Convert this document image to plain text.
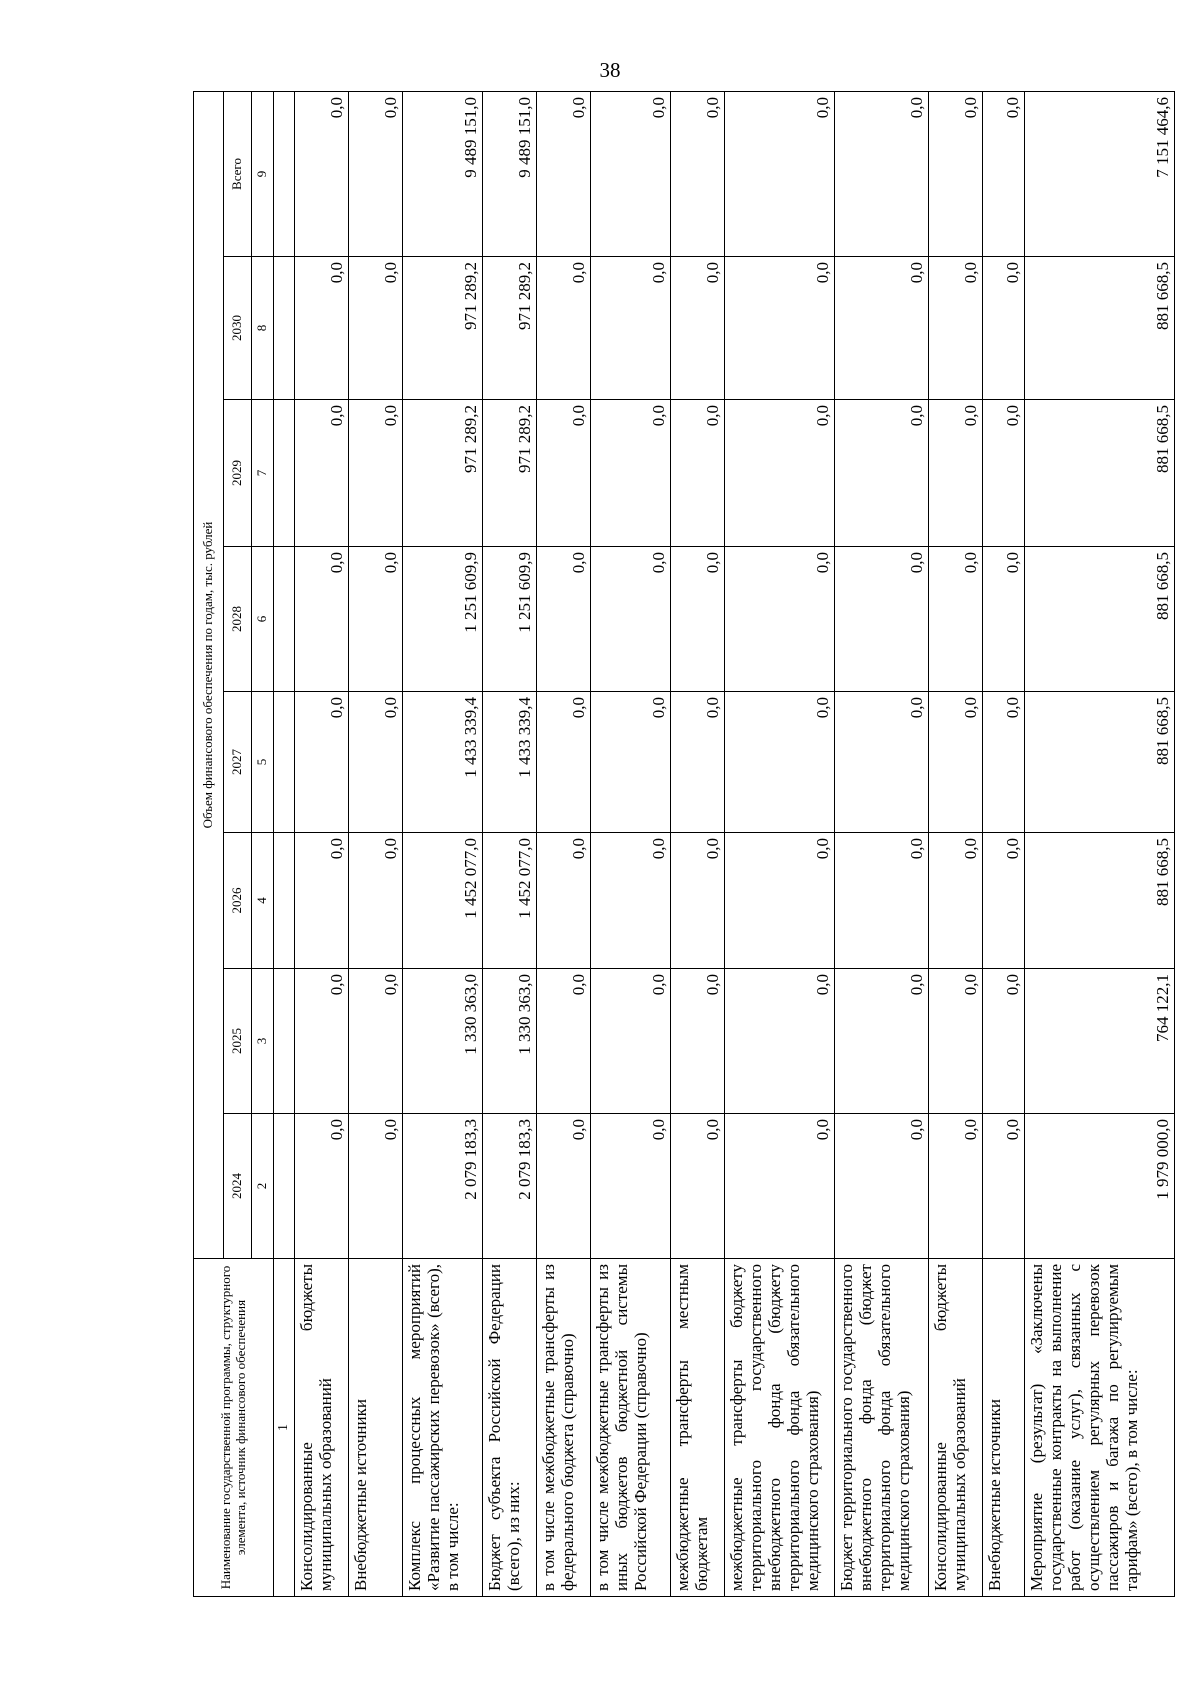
38
Наименование государственной программы, структурного элемента, источник финансового обеспечения	Объем финансового обеспечения по годам, тыс. рублей							
	2024	2025	2026	2027	2028	2029	2030	Всего
	2	3	4	5	6	7	8	9
1								
Консолидированные бюджеты муниципальных образований	0,0	0,0	0,0	0,0	0,0	0,0	0,0	0,0
Внебюджетные источники	0,0	0,0	0,0	0,0	0,0	0,0	0,0	0,0
Комплекс процессных мероприятий «Развитие пассажирских перевозок» (всего), в том числе:	2 079 183,3	1 330 363,0	1 452 077,0	1 433 339,4	1 251 609,9	971 289,2	971 289,2	9 489 151,0
Бюджет субъекта Российской Федерации (всего), из них:	2 079 183,3	1 330 363,0	1 452 077,0	1 433 339,4	1 251 609,9	971 289,2	971 289,2	9 489 151,0
в том числе межбюджетные трансферты из федерального бюджета (справочно)	0,0	0,0	0,0	0,0	0,0	0,0	0,0	0,0
в том числе межбюджетные трансферты из иных бюджетов бюджетной системы Российской Федерации (справочно)	0,0	0,0	0,0	0,0	0,0	0,0	0,0	0,0
межбюджетные трансферты местным бюджетам	0,0	0,0	0,0	0,0	0,0	0,0	0,0	0,0
межбюджетные трансферты бюджету территориального государственного внебюджетного фонда (бюджету территориального фонда обязательного медицинского страхования)	0,0	0,0	0,0	0,0	0,0	0,0	0,0	0,0
Бюджет территориального государственного внебюджетного фонда (бюджет территориального фонда обязательного медицинского страхования)	0,0	0,0	0,0	0,0	0,0	0,0	0,0	0,0
Консолидированные бюджеты муниципальных образований	0,0	0,0	0,0	0,0	0,0	0,0	0,0	0,0
Внебюджетные источники	0,0	0,0	0,0	0,0	0,0	0,0	0,0	0,0
Мероприятие (результат) «Заключены государственные контракты на выполнение работ (оказание услуг), связанных с осуществлением регулярных перевозок пассажиров и багажа по регулируемым тарифам» (всего), в том числе:	1 979 000,0	764 122,1	881 668,5	881 668,5	881 668,5	881 668,5	881 668,5	7 151 464,6
